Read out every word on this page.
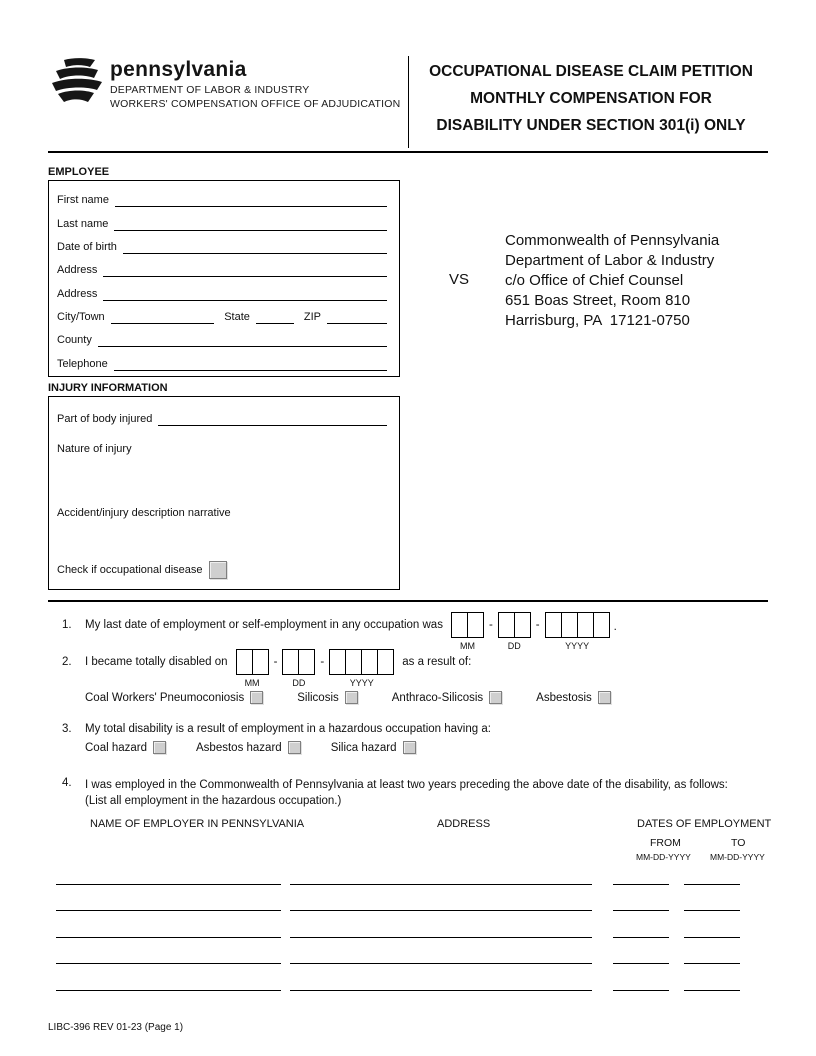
pennsylvania
DEPARTMENT OF LABOR & INDUSTRY
WORKERS' COMPENSATION OFFICE OF ADJUDICATION
OCCUPATIONAL DISEASE CLAIM PETITION
MONTHLY COMPENSATION FOR
DISABILITY UNDER SECTION 301(i) ONLY
EMPLOYEE
First name
Last name
Date of birth
Address
Address
City/Town	State	ZIP
County
Telephone
VS
Commonwealth of Pennsylvania
Department of Labor & Industry
c/o Office of Chief Counsel
651 Boas Street, Room 810
Harrisburg, PA  17121-0750
INJURY INFORMATION
Part of body injured
Nature of injury
Accident/injury description narrative
Check if occupational disease
1.	My last date of employment or self-employment in any occupation was
MM
-
DD
-
YYYY
.
2.	I became totally disabled on
MM
-
DD
-
YYYY
as a result of:
Coal Workers' Pneumoconiosis	Silicosis	Anthraco-Silicosis	Asbestosis
3.	My total disability is a result of employment in a hazardous occupation having a:
Coal hazard	Asbestos hazard	Silica hazard
4.	I was employed in the Commonwealth of Pennsylvania at least two years preceding the above date of the disability, as follows:
(List all employment in the hazardous occupation.)
NAME OF EMPLOYER IN PENNSYLVANIA	ADDRESS	DATES OF EMPLOYMENT
FROM	TO
MM-DD-YYYY MM-DD-YYYY
LIBC-396 REV 01-23 (Page 1)
